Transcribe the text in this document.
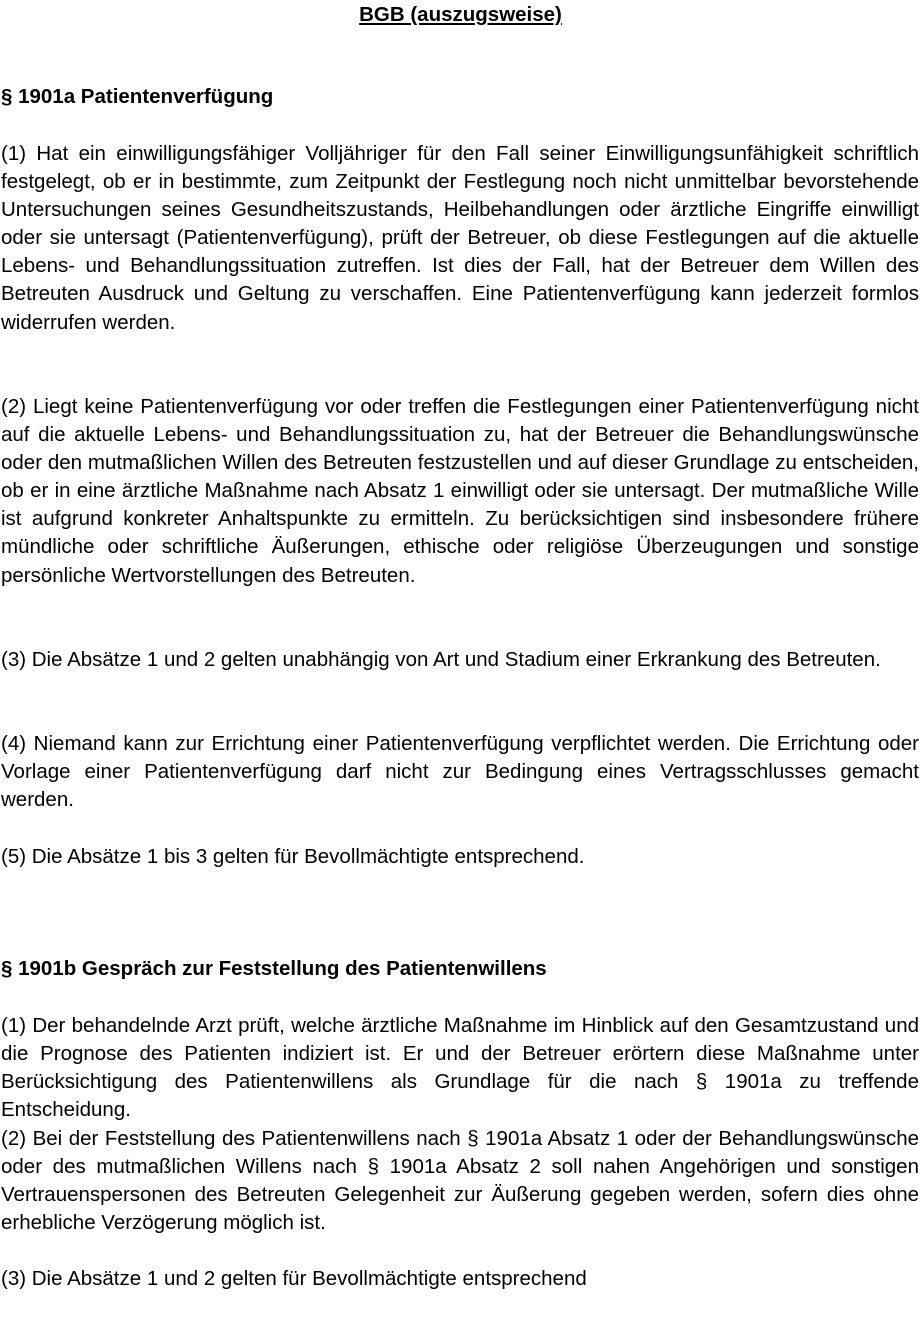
BGB (auszugsweise)
§ 1901a Patientenverfügung

(1) Hat ein einwilligungsfähiger Volljähriger für den Fall seiner Einwilligungsunfähigkeit schriftlich festgelegt, ob er in bestimmte, zum Zeitpunkt der Festlegung noch nicht unmittelbar bevorstehende Untersuchungen seines Gesundheitszustands, Heilbehandlungen oder ärztliche Eingriffe einwilligt oder sie untersagt (Patientenverfügung), prüft der Betreuer, ob diese Festlegungen auf die aktuelle Lebens- und Behandlungssituation zutreffen. Ist dies der Fall, hat der Betreuer dem Willen des Betreuten Ausdruck und Geltung zu verschaffen. Eine Patientenverfügung kann jederzeit formlos widerrufen werden.

(2) Liegt keine Patientenverfügung vor oder treffen die Festlegungen einer Patientenverfügung nicht auf die aktuelle Lebens- und Behandlungssituation zu, hat der Betreuer die Behandlungswünsche oder den mutmaßlichen Willen des Betreuten festzustellen und auf dieser Grundlage zu entscheiden, ob er in eine ärztliche Maßnahme nach Absatz 1 einwilligt oder sie untersagt. Der mutmaßliche Wille ist aufgrund konkreter Anhaltspunkte zu ermitteln. Zu berücksichtigen sind insbesondere frühere mündliche oder schriftliche Äußerungen, ethische oder religiöse Überzeugungen und sonstige persönliche Wertvorstellungen des Betreuten.

(3) Die Absätze 1 und 2 gelten unabhängig von Art und Stadium einer Erkrankung des Betreuten.

(4) Niemand kann zur Errichtung einer Patientenverfügung verpflichtet werden. Die Errichtung oder Vorlage einer Patientenverfügung darf nicht zur Bedingung eines Vertragsschlusses gemacht werden.

(5) Die Absätze 1 bis 3 gelten für Bevollmächtigte entsprechend.

§ 1901b Gespräch zur Feststellung des Patientenwillens

(1) Der behandelnde Arzt prüft, welche ärztliche Maßnahme im Hinblick auf den Gesamtzustand und die Prognose des Patienten indiziert ist. Er und der Betreuer erörtern diese Maßnahme unter Berücksichtigung des Patientenwillens als Grundlage für die nach § 1901a zu treffende Entscheidung.

(2) Bei der Feststellung des Patientenwillens nach § 1901a Absatz 1 oder der Behandlungswünsche oder des mutmaßlichen Willens nach § 1901a Absatz 2 soll nahen Angehörigen und sonstigen Vertrauenspersonen des Betreuten Gelegenheit zur Äußerung gegeben werden, sofern dies ohne erhebliche Verzögerung möglich ist.

(3) Die Absätze 1 und 2 gelten für Bevollmächtigte entsprechend
